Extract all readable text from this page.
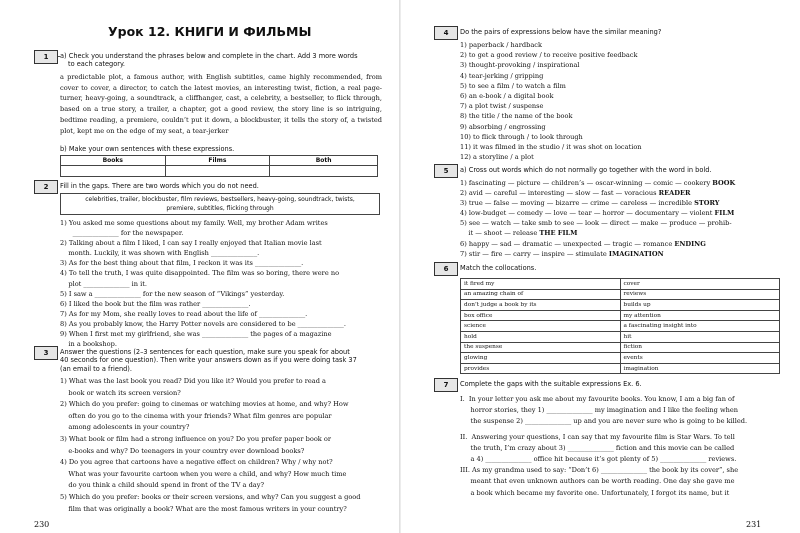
Урок 12. КНИГИ И ФИЛЬМЫ
1	a) Check you understand the phrases below and complete in the chart. Add 3 more words
to each category.
a predictable plot, a famous author, with English subtitles, came highly recommended, from cover to cover, a director, to catch the latest movies, an interesting twist, fiction, a real page-turner, heavy-going, a soundtrack, a cliffhanger, cast, a celebrity, a bestseller, to flick through, based on a true story, a trailer, a chapter, got a good review, the story line is so intriguing, bedtime reading, a premiere, couldn’t put it down, a blockbuster, it tells the story of, a twisted plot, kept me on the edge of my seat, a tear-jerker
b) Make your own sentences with these expressions.
Books	Films	Both

2	Fill in the gaps. There are two words which you do not need.
celebrities, trailer, blockbuster, film reviews, bestsellers, heavy-going, soundtrack, twists,
premiere, subtitles, flicking through
1) You asked me some questions about my family. Well, my brother Adam writes
______________ for the newspaper.
2) Talking about a film I liked, I can say I really enjoyed that Italian movie last
month. Luckily, it was shown with English ______________.
3) As for the best thing about that film, I reckon it was its ______________.
4) To tell the truth, I was quite disappointed. The film was so boring, there were no
plot ______________ in it.
5) I saw a ______________ for the new season of “Vikings” yesterday.
6) I liked the book but the film was rather ______________.
7) As for my Mom, she really loves to read about the life of ______________.
8) As you probably know, the Harry Potter novels are considered to be ______________.
9) When I first met my girlfriend, she was ______________ the pages of a magazine
in a bookshop.
3	Answer the questions (2–3 sentences for each question, make sure you speak for about
40 seconds for one question). Then write your answers down as if you were doing task 37
(an email to a friend).
1) What was the last book you read? Did you like it? Would you prefer to read a
book or watch its screen version?
2) Which do you prefer: going to cinemas or watching movies at home, and why? How
often do you go to the cinema with your friends? What film genres are popular
among adolescents in your country?
3) What book or film had a strong influence on you? Do you prefer paper book or
e-books and why? Do teenagers in your country ever download books?
4) Do you agree that cartoons have a negative effect on children? Why / why not?
What was your favourite cartoon when you were a child, and why? How much time
do you think a child should spend in front of the TV a day?
5) Which do you prefer: books or their screen versions, and why? Can you suggest a good
film that was originally a book? What are the most famous writers in your country?
230
4	Do the pairs of expressions below have the similar meaning?
1) paperback / hardback
2) to get a good review / to receive positive feedback
3) thought-provoking / inspirational
4) tear-jerking / gripping
5) to see a film / to watch a film
6) an e-book / a digital book
7) a plot twist / suspense
8) the title / the name of the book
9) absorbing / engrossing
10) to flick through / to look through
11) it was filmed in the studio / it was shot on location
12) a storyline / a plot
5	a) Cross out words which do not normally go together with the word in bold.
1) fascinating — picture — children’s — oscar-winning — comic — cookery BOOK
2) avid — careful — interesting — slow — fast — voracious READER
3) true — false — moving — bizarre — crime — careless — incredible STORY
4) low-budget — comedy — love — tear — horror — documentary — violent FILM
5) see — watch — take smb to see — look — direct — make — produce — prohib-
it — shoot — release THE FILM
6) happy — sad — dramatic — unexpected — tragic — romance ENDING
7) stir — fire — carry — inspire — stimulate IMAGINATION
6	Match the collocations.
it fired my	cover
an amazing chain of	reviews
don’t judge a book by its	builds up
box office	my attention
science	a fascinating insight into
hold	hit
the suspense	fiction
glowing	events
provides	imagination
7	Complete the gaps with the suitable expressions Ex. 6.
I.  In your letter you ask me about my favourite books. You know, I am a big fan of
horror stories, they 1) ______________ my imagination and I like the feeling when
the suspense 2) ______________ up and you are never sure who is going to be killed.
II.  Answering your questions, I can say that my favourite film is Star Wars. To tell
the truth, I’m crazy about 3) ______________ fiction and this movie can be called
a 4) ______________ office hit because it’s got plenty of 5) ______________ reviews.
III. As my grandma used to say: “Don’t 6) ______________ the book by its cover”, she
meant that even unknown authors can be worth reading. One day she gave me
a book which became my favorite one. Unfortunately, I forgot its name, but it
231
